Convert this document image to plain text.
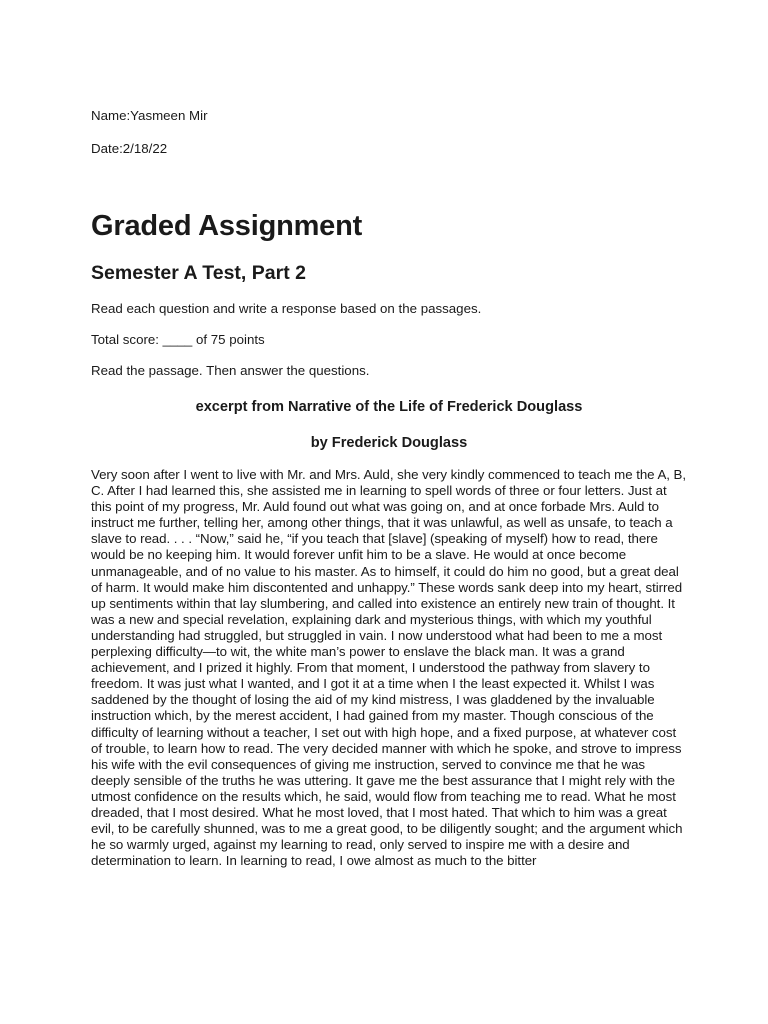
Name:Yasmeen Mir

Date:2/18/22

Graded Assignment
Semester A Test, Part 2

Read each question and write a response based on the passages.

Total score: ____ of 75 points

Read the passage. Then answer the questions.

excerpt from Narrative of the Life of Frederick Douglass

by Frederick Douglass

Very soon after I went to live with Mr. and Mrs. Auld, she very kindly commenced to teach me the A, B, C. After I had learned this, she assisted me in learning to spell words of three or four letters. Just at this point of my progress, Mr. Auld found out what was going on, and at once forbade Mrs. Auld to instruct me further, telling her, among other things, that it was unlawful, as well as unsafe, to teach a slave to read. . . . “Now,” said he, “if you teach that [slave] (speaking of myself) how to read, there would be no keeping him. It would forever unfit him to be a slave. He would at once become unmanageable, and of no value to his master. As to himself, it could do him no good, but a great deal of harm. It would make him discontented and unhappy.” These words sank deep into my heart, stirred up sentiments within that lay slumbering, and called into existence an entirely new train of thought. It was a new and special revelation, explaining dark and mysterious things, with which my youthful understanding had struggled, but struggled in vain. I now understood what had been to me a most perplexing difficulty—to wit, the white man’s power to enslave the black man. It was a grand achievement, and I prized it highly. From that moment, I understood the pathway from slavery to freedom. It was just what I wanted, and I got it at a time when I the least expected it. Whilst I was saddened by the thought of losing the aid of my kind mistress, I was gladdened by the invaluable instruction which, by the merest accident, I had gained from my master. Though conscious of the difficulty of learning without a teacher, I set out with high hope, and a fixed purpose, at whatever cost of trouble, to learn how to read. The very decided manner with which he spoke, and strove to impress his wife with the evil consequences of giving me instruction, served to convince me that he was deeply sensible of the truths he was uttering. It gave me the best assurance that I might rely with the utmost confidence on the results which, he said, would flow from teaching me to read. What he most dreaded, that I most desired. What he most loved, that I most hated. That which to him was a great evil, to be carefully shunned, was to me a great good, to be diligently sought; and the argument which he so warmly urged, against my learning to read, only served to inspire me with a desire and determination to learn. In learning to read, I owe almost as much to the bitter
